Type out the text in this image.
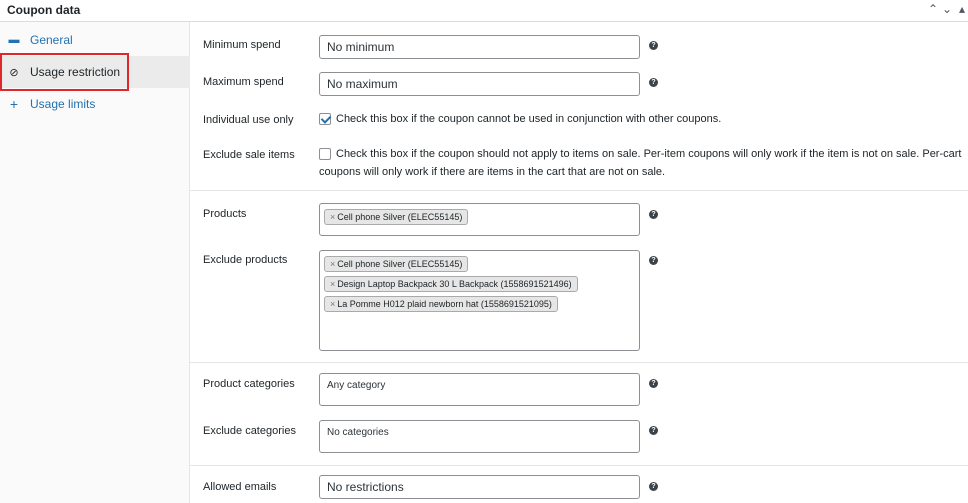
Coupon data	⌃ ⌄ ▴
▬ General
⊘ Usage restriction
+ Usage limits
Minimum spend	No minimum	?
Maximum spend	No maximum	?
Individual use only	Check this box if the coupon cannot be used in conjunction with other coupons.
Exclude sale items	Check this box if the coupon should not apply to items on sale. Per-item coupons will only work if the item is not on sale. Per-cart
coupons will only work if there are items in the cart that are not on sale.
Products	× Cell phone Silver (ELEC55145)	?
Exclude products	× Cell phone Silver (ELEC55145)
× Design Laptop Backpack 30 L Backpack (1558691521496)
× La Pomme H012 plaid newborn hat (1558691521095)
?
Product categories	Any category	?
Exclude categories	No categories	?
Allowed emails	No restrictions	?
